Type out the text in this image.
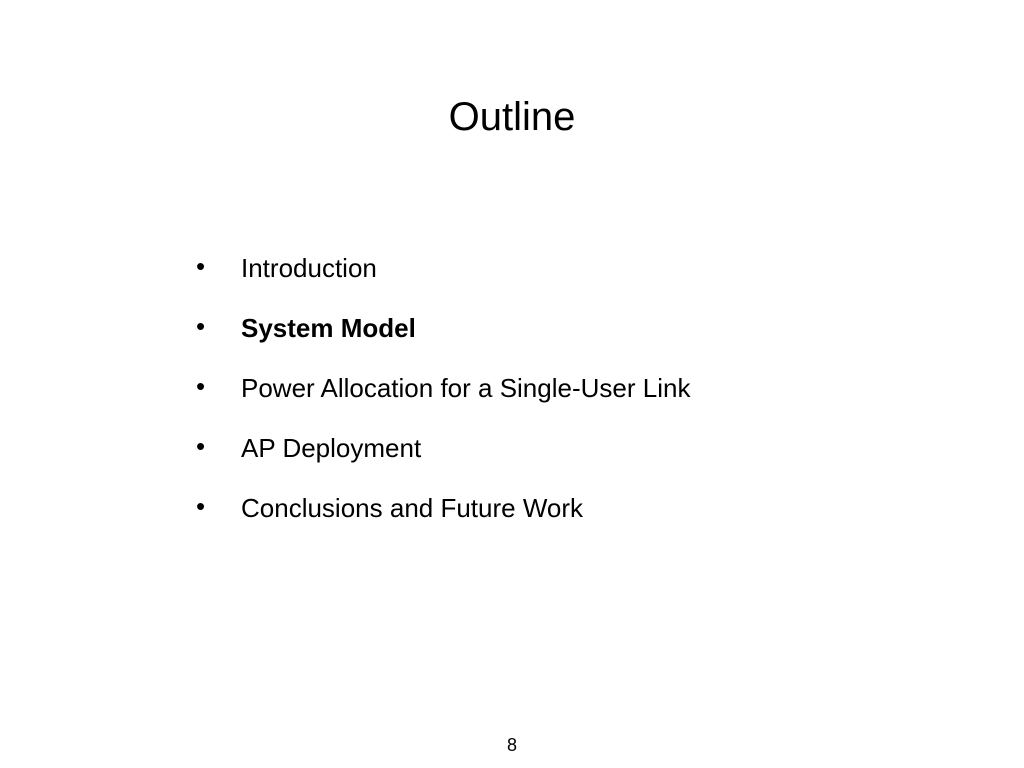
Outline
•	Introduction
•	System Model
•	Power Allocation for a Single-User Link
•	AP Deployment
•	Conclusions and Future Work
8
